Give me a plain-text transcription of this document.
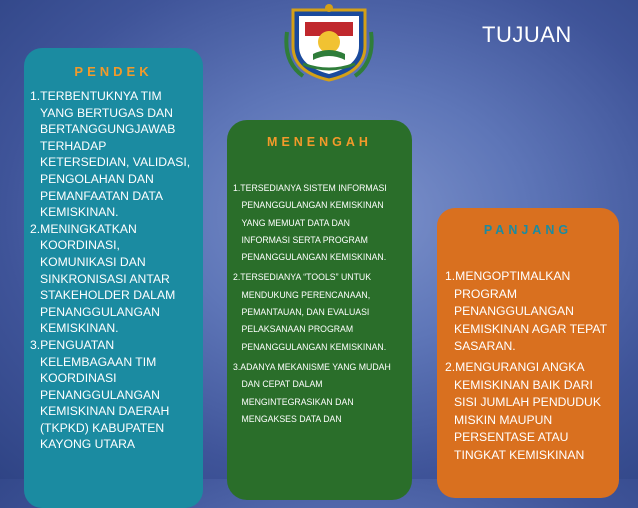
TUJUAN
PENDEK
1.TERBENTUKNYA TIM YANG BERTUGAS DAN BERTANGGUNGJAWAB TERHADAP KETERSEDIAN, VALIDASI, PENGOLAHAN DAN PEMANFAATAN DATA KEMISKINAN.
2.MENINGKATKAN KOORDINASI, KOMUNIKASI DAN SINKRONISASI ANTAR STAKEHOLDER DALAM PENANGGULANGAN KEMISKINAN.
3.PENGUATAN KELEMBAGAAN TIM KOORDINASI PENANGGULANGAN KEMISKINAN DAERAH (TKPKD) KABUPATEN KAYONG UTARA
MENENGAH
1.TERSEDIANYA SISTEM INFORMASI PENANGGULANGAN KEMISKINAN YANG MEMUAT DATA DAN INFORMASI SERTA PROGRAM PENANGGULANGAN KEMISKINAN.
2.TERSEDIANYA “TOOLS” UNTUK MENDUKUNG PERENCANAAN, PEMANTAUAN, DAN EVALUASI PELAKSANAAN PROGRAM PENANGGULANGAN KEMISKINAN.
3.ADANYA MEKANISME YANG MUDAH DAN CEPAT DALAM MENGINTEGRASIKAN DAN MENGAKSES DATA DAN
PANJANG
1.MENGOPTIMALKAN PROGRAM PENANGGULANGAN KEMISKINAN AGAR TEPAT SASARAN.
2.MENGURANGI ANGKA KEMISKINAN BAIK DARI SISI JUMLAH PENDUDUK MISKIN MAUPUN PERSENTASE ATAU TINGKAT KEMISKINAN
